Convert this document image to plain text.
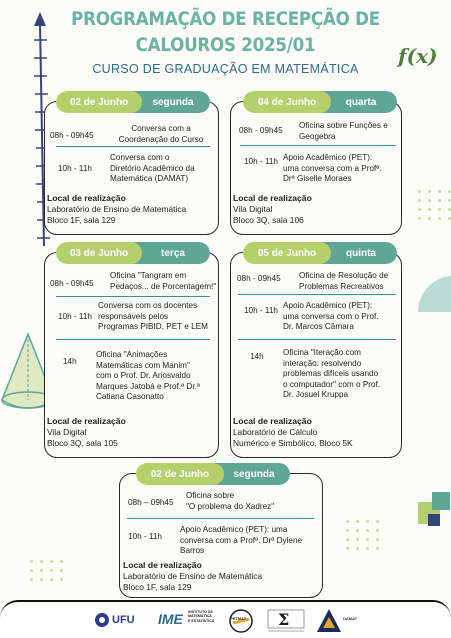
PROGRAMAÇÃO DE RECEPÇÃO DE
CALOUROS 2025/01
CURSO DE GRADUAÇÃO EM MATEMÁTICA
f(x)
02 de Junho	segunda
08h - 09h45
Conversa com a
Coordenação do Curso
10h - 11h
Conversa com o
Diretório Acadêmico da
Matemática (DAMAT)
Local de realização
Laboratório de Ensino de Matemática
Bloco 1F, sala 129
04 de Junho	quarta
08h - 09h45
Oficina sobre Funções e
Geogebra
10h - 11h Apoio Acadêmico (PET):
uma conversa com a Profª.
Drª Giselle Moraes
Local de realização
Vila Digital
Bloco 3Q, sala 106
03 de Junho	terça
08h - 09h45
Oficina "Tangram em
Pedaços... de Porcentagem!"
10h - 11h
Conversa com os docentes
responsáveis pelos
Programas PIBID, PET e LEM
14h
Oficina "Animações
Matemáticas com Manim"
com o Prof. Dr. Ariosvaldo
Marques Jatobá e Prof.ª Dr.ª
Catiana Casonatto
Local de realização
Vila Digital
Bloco 3Q, sala 105
05 de Junho	quinta
08h - 09h45 Oficina de Resolução de
Problemas Recreativos
10h - 11h
Apoio Acadêmico (PET):
uma conversa com o Prof.
Dr. Marcos Câmara
14h Oficina "Iteração com
interação: resolvendo
problemas difíceis usando
o computador" com o Prof.
Dr. Josuel Kruppa
Local de realização
Laboratório de Cálculo
Numérico e Simbólico, Bloco 5K
02 de Junho	segunda
08h – 09h45
Oficina sobre
"O problema do Xadrez"
10h - 11h
Apoio Acadêmico (PET): uma
conversa com a Profª. Drª Dylene
Barros
Local de realização
Laboratório de Ensino de Matemática
Bloco 1F, sala 129
UFU IME INSTITUTO DE
MATEMÁTICA
E ESTATÍSTICA	PETMAT Σ	DAMAT
